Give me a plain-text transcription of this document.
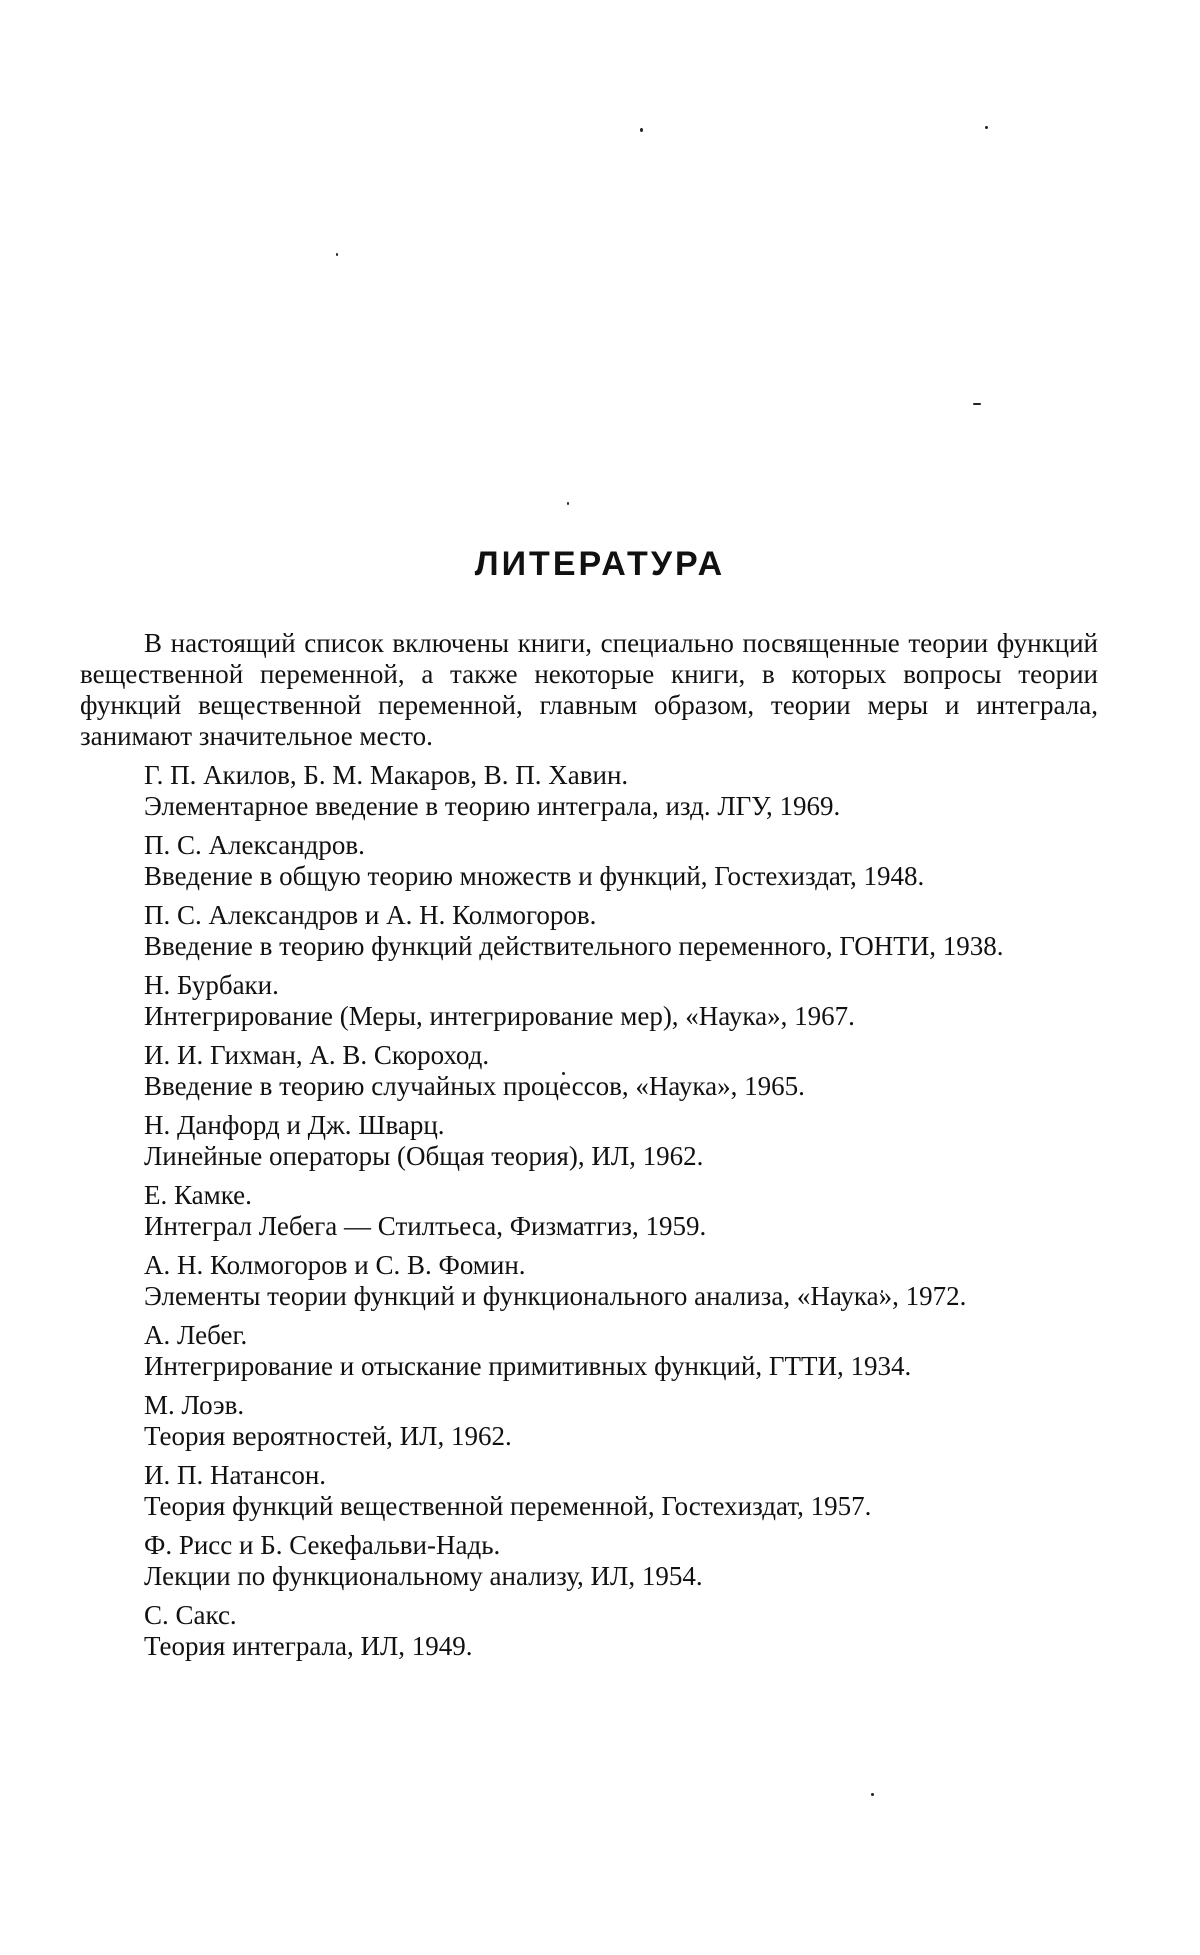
ЛИТЕРАТУРА

В настоящий список включены книги, специально посвященные теории функций вещественной переменной, а также некоторые книги, в которых вопросы теории функций вещественной переменной, главным образом, теории меры и интеграла, занимают значительное место.

Г. П. Акилов, Б. М. Макаров, В. П. Хавин.
Элементарное введение в теорию интеграла, изд. ЛГУ, 1969.
П. С. Александров.
Введение в общую теорию множеств и функций, Гостехиздат, 1948.
П. С. Александров и А. Н. Колмогоров.
Введение в теорию функций действительного переменного, ГОНТИ, 1938.
Н. Бурбаки.
Интегрирование (Меры, интегрирование мер), «Наука», 1967.
И. И. Гихман, А. В. Скороход.
Введение в теорию случайных процессов, «Наука», 1965.
Н. Данфорд и Дж. Шварц.
Линейные операторы (Общая теория), ИЛ, 1962.
Е. Камке.
Интеграл Лебега — Стилтьеса, Физматгиз, 1959.
А. Н. Колмогоров и С. В. Фомин.
Элементы теории функций и функционального анализа, «Наука», 1972.
А. Лебег.
Интегрирование и отыскание примитивных функций, ГТТИ, 1934.
М. Лоэв.
Теория вероятностей, ИЛ, 1962.
И. П. Натансон.
Теория функций вещественной переменной, Гостехиздат, 1957.
Ф. Рисс и Б. Секефальви-Надь.
Лекции по функциональному анализу, ИЛ, 1954.
С. Сакс.
Теория интеграла, ИЛ, 1949.
